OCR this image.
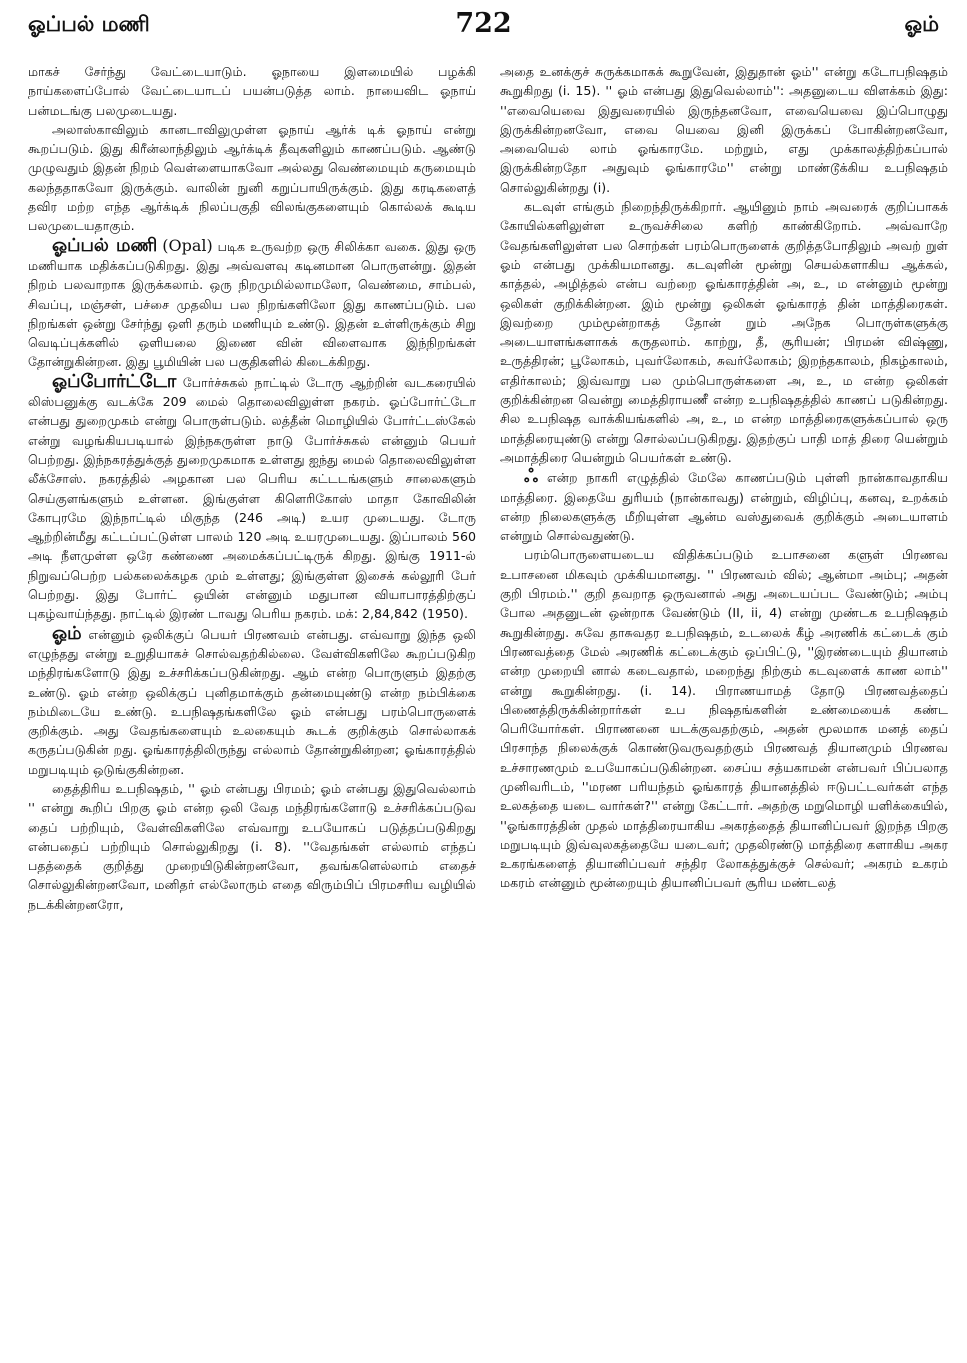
ஓப்பல் மணி	722	ஓம்

மாகச் சேர்ந்து வேட்டையாடும். ஓநாயை இளமையில் பழக்கி நாய்களைப்போல் வேட்டையாடப் பயன்படுத்த லாம். நாயைவிட ஓநாய் பன்மடங்கு பலமுடையது.

அலாஸ்காவிலும் கானடாவிலுமுள்ள ஓநாய் ஆர்க் டிக் ஓநாய் என்று கூறப்படும். இது கிரீன்லாந்திலும் ஆர்க்டிக் தீவுகளிலும் காணப்படும். ஆண்டு முழுவதும் இதன் நிறம் வெள்ளையாகவோ அல்லது வெண்மையும் கருமையும் கலந்ததாகவோ இருக்கும். வாலின் நுனி கறுப்பாயிருக்கும். இது கரடிகளைத் தவிர மற்ற எந்த ஆர்க்டிக் நிலப்பகுதி விலங்குகளையும் கொல்லக் கூடிய பலமுடையதாகும்.

ஓப்பல் மணி (Opal) படிக உருவற்ற ஒரு சிலிக்கா வகை. இது ஒரு மணியாக மதிக்கப்படுகிறது. இது அவ்வளவு கடினமான பொருளன்று. இதன் நிறம் பலவாறாக இருக்கலாம். ஒரு நிறமுமில்லாமலோ, வெண்மை, சாம்பல், சிவப்பு, மஞ்சள், பச்சை முதலிய பல நிறங்களிலோ இது காணப்படும். பல நிறங்கள் ஒன்று சேர்ந்து ஒளி தரும் மணியும் உண்டு. இதன் உள்ளிருக்கும் சிறு வெடிப்புக்களில் ஒளியலை இணை வின் விளைவாக இந்நிறங்கள் தோன்றுகின்றன. இது பூமியின் பல பகுதிகளில் கிடைக்கிறது.

ஓப்போர்ட்டோ போர்ச்சுகல் நாட்டில் டோரு ஆற்றின் வடகரையில் லிஸ்பனுக்கு வடக்கே 209 மைல் தொலைவிலுள்ள நகரம். ஓப்போர்ட்டோ என்பது துறைமுகம் என்று பொருள்படும். லத்தீன் மொழியில் போர்ட்டஸ்கேல் என்று வழங்கியபடியால் இந்நகருள்ள நாடு போர்ச்சுகல் என்னும் பெயர் பெற்றது. இந்நகரத்துக்குத் துறைமுகமாக உள்ளது ஐந்து மைல் தொலைவிலுள்ள லீக்சோஸ். நகரத்தில் அழகான பல பெரிய கட்டடங்களும் சாலைகளும் செய்குளங்களும் உள்ளன. இங்குள்ள கிளெரிகோஸ் மாதா கோவிலின் கோபுரமே இந்நாட்டில் மிகுந்த (246 அடி) உயர முடையது. டோரு ஆற்றின்மீது கட்டப்பட்டுள்ள பாலம் 120 அடி உயரமுடையது. இப்பாலம் 560 அடி நீளமுள்ள ஒரே கண்ணை அமைக்கப்பட்டிருக் கிறது. இங்கு 1911-ல் நிறுவப்பெற்ற பல்கலைக்கழக மும் உள்ளது; இங்குள்ள இசைக் கல்லூரி பேர் பெற்றது. இது போர்ட் ஒயின் என்னும் மதுபான வியாபாரத்திற்குப் புகழ்வாய்ந்தது. நாட்டில் இரண் டாவது பெரிய நகரம். மக்: 2,84,842 (1950).

ஓம் என்னும் ஒலிக்குப் பெயர் பிரணவம் என்பது. எவ்வாறு இந்த ஒலி எழுந்தது என்று உறுதியாகச் சொல்வதற்கில்லை. வேள்விகளிலே கூறப்படுகிற மந்திரங்களோடு இது உச்சரிக்கப்படுகின்றது. ஆம் என்ற பொருளும் இதற்கு உண்டு. ஓம் என்ற ஒலிக்குப் புனிதமாக்கும் தன்மையுண்டு என்ற நம்பிக்கை நம்மிடையே உண்டு. உபநிஷதங்களிலே ஓம் என்பது பரம்பொருளைக் குறிக்கும். அது வேதங்களையும் உலகையும் கூடக் குறிக்கும் சொல்லாகக் கருதப்படுகின் றது. ஓங்காரத்திலிருந்து எல்லாம் தோன்றுகின்றன; ஓங்காரத்தில் மறுபடியும் ஒடுங்குகின்றன.

தைத்திரிய உபநிஷதம், '' ஓம் என்பது பிரமம்; ஓம் என்பது இதுவெல்லாம் '' என்று கூறிப் பிறகு ஓம் என்ற ஒலி வேத மந்திரங்களோடு உச்சரிக்கப்படுவ தைப் பற்றியும், வேள்விகளிலே எவ்வாறு உபயோகப் படுத்தப்படுகிறது என்பதைப் பற்றியும் சொல்லுகிறது (i. 8). ''வேதங்கள் எல்லாம் எந்தப் பதத்தைக் குறித்து முறையிடுகின்றனவோ, தவங்களெல்லாம் எதைச் சொல்லுகின்றனவோ, மனிதர் எல்லோரும் எதை விரும்பிப் பிரமசரிய வழியில் நடக்கின்றனரோ,

அதை உனக்குச் சுருக்கமாகக் கூறுவேன், இதுதான் ஓம்'' என்று கடோபநிஷதம் கூறுகிறது (i. 15). '' ஓம் என்பது இதுவெல்லாம்'': அதனுடைய விளக்கம் இது: ''எவையெவை இதுவரையில் இருந்தனவோ, எவையெவை இப்பொழுது இருக்கின்றனவோ, எவை யெவை இனி இருக்கப் போகின்றனவோ, அவையெல் லாம் ஓங்காரமே. மற்றும், எது முக்காலத்திற்கப்பால் இருக்கின்றதோ அதுவும் ஓங்காரமே'' என்று மாண்டூக்கிய உபநிஷதம் சொல்லுகின்றது (i).

கடவுள் எங்கும் நிறைந்திருக்கிறார். ஆயினும் நாம் அவரைக் குறிப்பாகக் கோயில்களிலுள்ள உருவச்சிலை களிற் காண்கிறோம். அவ்வாறே வேதங்களிலுள்ள பல சொற்கள் பரம்பொருளைக் குறித்தபோதிலும் அவற் றுள் ஓம் என்பது முக்கியமானது. கடவுளின் மூன்று செயல்களாகிய ஆக்கல், காத்தல், அழித்தல் என்ப வற்றை ஓங்காரத்தின் அ, உ, ம என்னும் மூன்று ஒலிகள் குறிக்கின்றன. இம் மூன்று ஒலிகள் ஓங்காரத் தின் மாத்திரைகள். இவற்றை மும்மூன்றாகத் தோன் றும் அநேக பொருள்களுக்கு அடையாளங்களாகக் கருதலாம். காற்று, தீ, சூரியன்; பிரமன் விஷ்ணு, உருத்திரன்; பூலோகம், புவர்லோகம், சுவர்லோகம்; இறந்தகாலம், நிகழ்காலம், எதிர்காலம்; இவ்வாறு பல மும்பொருள்களை அ, உ, ம என்ற ஒலிகள் குறிக்கின்றன வென்று மைத்திராயணீ என்ற உபநிஷதத்தில் காணப் படுகின்றது. சில உபநிஷத வாக்கியங்களில் அ, உ, ம என்ற மாத்திரைகளுக்கப்பால் ஒரு மாத்திரையுண்டு என்று சொல்லப்படுகிறது. இதற்குப் பாதி மாத் திரை யென்றும் அமாத்திரை யென்றும் பெயர்கள் உண்டு.

ஃ என்ற நாகரி எழுத்தில் மேலே காணப்படும் புள்ளி நான்காவதாகிய மாத்திரை. இதையே துரியம் (நான்காவது) என்றும், விழிப்பு, கனவு, உறக்கம் என்ற நிலைகளுக்கு மீறியுள்ள ஆன்ம வஸ்துவைக் குறிக்கும் அடையாளம் என்றும் சொல்வதுண்டு.

பரம்பொருளையடைய விதிக்கப்படும் உபாசனை களுள் பிரணவ உபாசனை மிகவும் முக்கியமானது. '' பிரணவம் வில்; ஆன்மா அம்பு; அதன் குறி பிரமம்.'' குறி தவறாத ஒருவனால் அது அடையப்பட வேண்டும்; அம்பு போல அதனுடன் ஒன்றாக வேண்டும் (II, ii, 4) என்று முண்டக உபநிஷதம் கூறுகின்றது. சுவே தாசுவதர உபநிஷதம், உடலைக் கீழ் அரணிக் கட்டைக் கும் பிரணவத்தை மேல் அரணிக் கட்டைக்கும் ஒப்பிட்டு, ''இரண்டையும் தியானம் என்ற முறையி னால் கடைவதால், மறைந்து நிற்கும் கடவுளைக் காண லாம்'' என்று கூறுகின்றது. (i. 14). பிராணயாமத் தோடு பிரணவத்தைப் பிணைத்திருக்கின்றார்கள் உப நிஷதங்களின் உண்மையைக் கண்ட பெரியோர்கள். பிராணனை யடக்குவதற்கும், அதன் மூலமாக மனத் தைப் பிரசாந்த நிலைக்குக் கொண்டுவருவதற்கும் பிரணவத் தியானமும் பிரணவ உச்சாரணமும் உபயோகப்படுகின்றன. சைப்ய சத்யகாமன் என்பவர் பிப்பலாத முனிவரிடம், ''மரண பரியந்தம் ஓங்காரத் தியானத்தில் ஈடுபட்டவர்கள் எந்த உலகத்தை யடை வார்கள்?'' என்று கேட்டார். அதற்கு மறுமொழி யளிக்கையில், ''ஓங்காரத்தின் முதல் மாத்திரையாகிய அகரத்தைத் தியானிப்பவர் இறந்த பிறகு மறுபடியும் இவ்வுலகத்தையே யடைவர்; முதலிரண்டு மாத்திரை களாகிய அகர உகரங்களைத் தியானிப்பவர் சந்திர லோகத்துக்குச் செல்வர்; அகரம் உகரம் மகரம் என்னும் மூன்றையும் தியானிப்பவர் சூரிய மண்டலத்
